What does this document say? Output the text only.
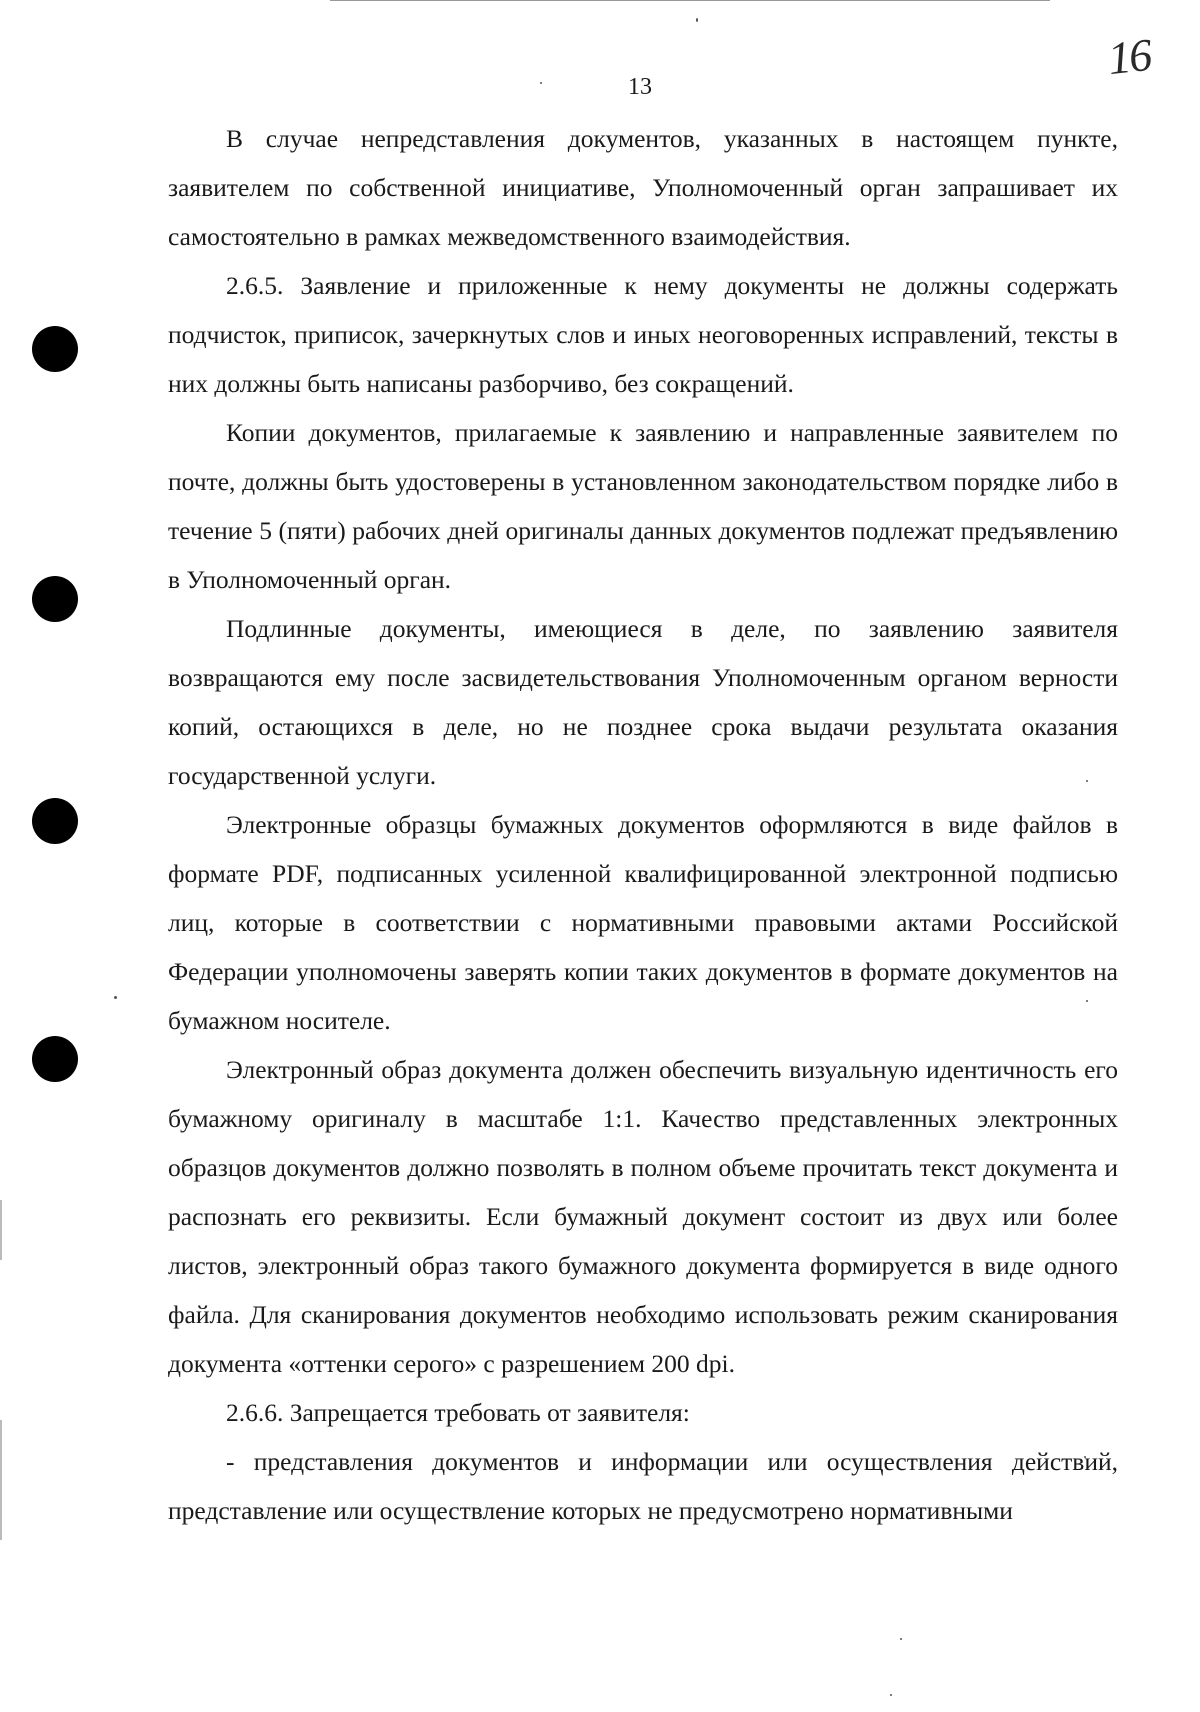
13
16

В случае непредставления документов, указанных в настоящем пункте, заявителем по собственной инициативе, Уполномоченный орган запрашивает их самостоятельно в рамках межведомственного взаимодействия.

2.6.5. Заявление и приложенные к нему документы не должны содержать подчисток, приписок, зачеркнутых слов и иных неоговоренных исправлений, тексты в них должны быть написаны разборчиво, без сокращений.

Копии документов, прилагаемые к заявлению и направленные заявителем по почте, должны быть удостоверены в установленном законодательством порядке либо в течение 5 (пяти) рабочих дней оригиналы данных документов подлежат предъявлению в Уполномоченный орган.

Подлинные документы, имеющиеся в деле, по заявлению заявителя возвращаются ему после засвидетельствования Уполномоченным органом верности копий, остающихся в деле, но не позднее срока выдачи результата оказания государственной услуги.

Электронные образцы бумажных документов оформляются в виде файлов в формате PDF, подписанных усиленной квалифицированной электронной подписью лиц, которые в соответствии с нормативными правовыми актами Российской Федерации уполномочены заверять копии таких документов в формате документов на бумажном носителе.

Электронный образ документа должен обеспечить визуальную идентичность его бумажному оригиналу в масштабе 1:1. Качество представленных электронных образцов документов должно позволять в полном объеме прочитать текст документа и распознать его реквизиты. Если бумажный документ состоит из двух или более листов, электронный образ такого бумажного документа формируется в виде одного файла. Для сканирования документов необходимо использовать режим сканирования документа «оттенки серого» с разрешением 200 dpi.

2.6.6. Запрещается требовать от заявителя:

- представления документов и информации или осуществления действий, представление или осуществление которых не предусмотрено нормативными
